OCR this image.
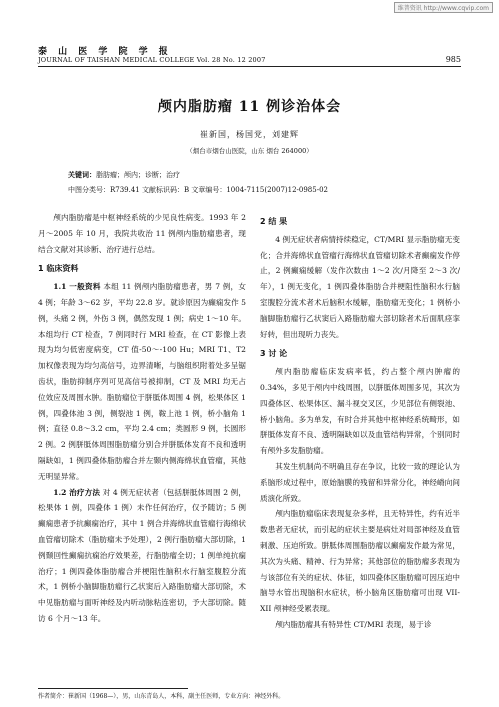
维普资讯 http://www.cqvip.com
泰 山 医 学 院 学 报
JOURNAL OF TAISHAN MEDICAL COLLEGE Vol. 28 No. 12 2007	985
颅内脂肪瘤 11 例诊治体会
崔新国，杨国党，刘建辉
（烟台市烟台山医院，山东 烟台 264000）
关键词：脂肪瘤；颅内；诊断；治疗
中图分类号：R739.41 文献标识码：B 文章编号：1004-7115(2007)12-0985-02

颅内脂肪瘤是中枢神经系统的少见良性病变。1993 年 2 月～2005 年 10 月，我院共收治 11 例颅内脂肪瘤患者，现结合文献对其诊断、治疗进行总结。

1 临床资料

1.1 一般资料 本组 11 例颅内脂肪瘤患者，男 7 例，女 4 例；年龄 3～62 岁，平均 22.8 岁。就诊原因为癫痫发作 5 例，头痛 2 例，外伤 3 例，偶然发现 1 例；病史 1～10 年。本组均行 CT 检查，7 例同时行 MRI 检查，在 CT 影像上表现为均匀低密度病变，CT 值-50～-100 Hu；MRI T1、T2 加权像表现为均匀高信号，边界清晰，与脑组织附着处多呈锯齿状，脂肪抑制序列可见高信号被抑制，CT 及 MRI 均无占位效应及周围水肿。脂肪瘤位于胼胝体周围 4 例，松果体区 1 例，四叠体池 3 例，侧裂池 1 例，鞍上池 1 例，桥小脑角 1 例；直径 0.8～3.2 cm，平均 2.4 cm；类圆形 9 例，长圆形 2 例。2 例胼胝体周围脂肪瘤分别合并胼胝体发育不良和透明隔缺如，1 例四叠体脂肪瘤合并左颞内侧海绵状血管瘤，其他无明显异常。

1.2 治疗方法 对 4 例无症状者（包括胼胝体周围 2 例，松果体 1 例，四叠体 1 例）未作任何治疗，仅予随访；5 例癫痫患者予抗癫痫治疗，其中 1 例合并海绵状血管瘤行海绵状血管瘤切除术（脂肪瘤未予处理），2 例行脂肪瘤大部切除，1 例颞回性癫痫抗痫治疗效果差，行脂肪瘤全切；1 例单纯抗痫治疗；1 例四叠体脂肪瘤合并梗阻性脑积水行脑室腹腔分流术，1 例桥小脑脚脂肪瘤行乙状窦后入路脂肪瘤大部切除，术中见脂肪瘤与面听神经及内听动脉粘连密切，予大部切除。随访 6 个月～13 年。

2 结 果

4 例无症状者病情持续稳定，CT/MRI 显示脂肪瘤无变化；合并海绵状血管瘤行海绵状血管瘤切除术者癫痫发作停止，2 例癫痫缓解（发作次数由 1～2 次/月降至 2～3 次/年），1 例无变化，1 例四叠体脂肪合并梗阻性脑积水行脑室腹腔分流术者术后脑积水缓解，脂肪瘤无变化；1 例桥小脑脚脂肪瘤行乙状窦后入路脂肪瘤大部切除者术后面肌痉挛好转，但出现听力丧失。

3 讨 论

颅内脂肪瘤临床发病率低，约占整个颅内肿瘤的 0.34%，多见于颅内中线周围，以胼胝体周围多见，其次为四叠体区、松果体区、漏斗视交叉区，少见部位有侧裂池、桥小脑角。多为单发，有时合并其他中枢神经系统畸形，如胼胝体发育不良、透明隔缺如以及血管结构异常，个别同时有颅外多发脂肪瘤。

其发生机制尚不明确且存在争议，比较一致的理论认为系脑形成过程中，原始脑膜的残留和异常分化，神经嵴向间质演化所致。

颅内脂肪瘤临床表现复杂多样，且无特异性，约有近半数患者无症状，而引起的症状主要是病灶对局部神经及血管刺激、压迫所致。胼胝体周围脂肪瘤以癫痫发作最为常见，其次为头痛、精神、行为异常；其他部位的脂肪瘤多表现为与该部位有关的症状、体征，如四叠体区脂肪瘤可因压迫中脑导水管出现脑积水症状，桥小脑角区脂肪瘤可出现 VII-XII 颅神经受累表现。

颅内脂肪瘤具有特异性 CT/MRI 表现，易于诊

作者简介：崔新国（1968—），男，山东青岛人，本科，副主任医师，专业方向：神经外科。
